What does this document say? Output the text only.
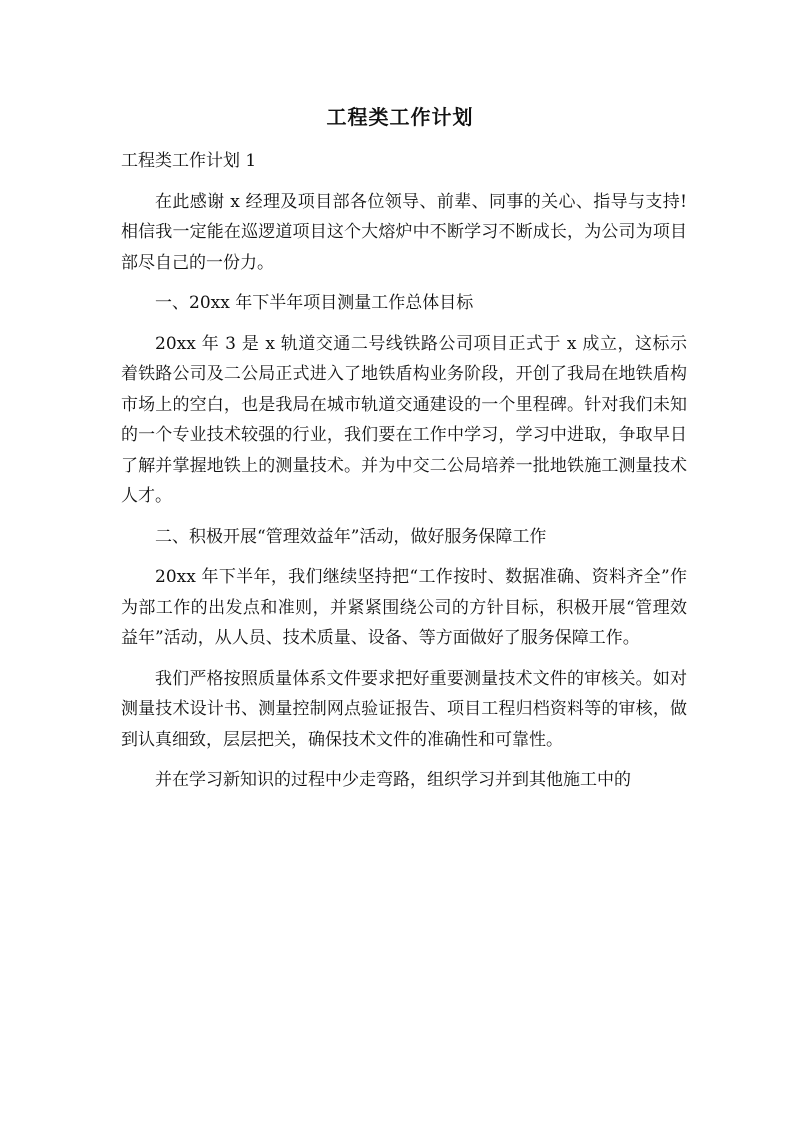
工程类工作计划

工程类工作计划 1

在此感谢 x 经理及项目部各位领导、前辈、同事的关心、指导与支持!相信我一定能在巡逻道项目这个大熔炉中不断学习不断成长，为公司为项目部尽自己的一份力。

一、20xx 年下半年项目测量工作总体目标

20xx 年 3 是 x 轨道交通二号线铁路公司项目正式于 x 成立，这标示着铁路公司及二公局正式进入了地铁盾构业务阶段，开创了我局在地铁盾构市场上的空白，也是我局在城市轨道交通建设的一个里程碑。针对我们未知的一个专业技术较强的行业，我们要在工作中学习，学习中进取，争取早日了解并掌握地铁上的测量技术。并为中交二公局培养一批地铁施工测量技术人才。

二、积极开展“管理效益年”活动，做好服务保障工作

20xx 年下半年，我们继续坚持把“工作按时、数据准确、资料齐全”作为部工作的出发点和准则，并紧紧围绕公司的方针目标，积极开展“管理效益年”活动，从人员、技术质量、设备、等方面做好了服务保障工作。

我们严格按照质量体系文件要求把好重要测量技术文件的审核关。如对测量技术设计书、测量控制网点验证报告、项目工程归档资料等的审核，做到认真细致，层层把关，确保技术文件的准确性和可靠性。

并在学习新知识的过程中少走弯路，组织学习并到其他施工中的
